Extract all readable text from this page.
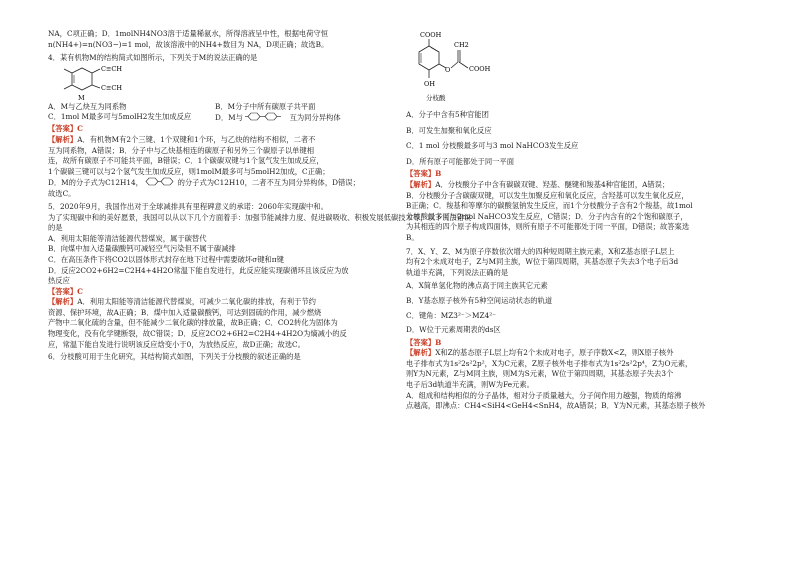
NA，C项正确；D．1molNH4NO3溶于适量稀氨水，所得溶液呈中性，根据电荷守恒
n(NH4+)=n(NO3−)=1 mol，故该溶液中的NH4+数目为 NA，D项正确；故选B。
4．某有机物M的结构简式如图所示，下列关于M的说法正确的是
C≡CH
C≡CH
M
A．M与乙炔互为同系物	B．M分子中所有碳原子共平面
C．1mol M最多可与5molH2发生加成反应	D．M与	互为同分异构体
【答案】C
【解析】A．有机物M有2个三键、1个双键和1个环，与乙炔的结构不相似，二者不
互为同系物，A错误；B．分子中与乙炔基相连的碳原子和另外三个碳原子以单键相
连，故所有碳原子不可能共平面，B错误；C．1个碳碳双键与1个氢气发生加成反应，
1个碳碳三键可以与2个氢气发生加成反应，则1molM最多可与5molH2加成，C正确；
D．M的分子式为C12H14，	的分子式为C12H10，二者不互为同分异构体，D错误；
故选C。
5．2020年9月，我国作出对于全球减排具有里程碑意义的承诺：2060年实现碳中和。
为了实现碳中和的美好愿景，我国可以从以下几个方面着手：加强节能减排力度、促进碳吸收、积极发展低碳技术等，以下说法错误
的是
A．利用太阳能等清洁能源代替煤炭，属于碳替代
B．向煤中加入适量碳酸钙可减轻空气污染但不属于碳减排
C．在高压条件下将CO2以固体形式封存在地下过程中需要破坏σ键和π键
D．反应2CO2+6H2=C2H4+4H2O常温下能自发进行，此反应能实现碳循环且该反应为放
热反应
【答案】C
【解析】A．利用太阳能等清洁能源代替煤炭，可减少二氧化碳的排放，有利于节约
资源、保护环境，故A正确；B．煤中加入适量碳酸钙，可达到固硫的作用，减少燃烧
产物中二氧化硫的含量，但不能减少二氧化碳的排放量，故B正确；C．CO2转化为固体为
物理变化，没有化学键断裂，故C错误；D．反应2CO2+6H2=C2H4+4H2O为熵减小的反
应，常温下能自发进行说明该反应焓变小于0，为放热反应，故D正确；故选C。
6．分枝酸可用于生化研究，其结构简式如图，下列关于分枝酸的叙述正确的是
COOH
O
CH2
COOH
OH
分枝酸
A．分子中含有5种官能团
B．可发生加聚和氧化反应
C．1 mol 分枝酸最多可与3 mol NaHCO3发生反应
D．所有原子可能都处于同一平面
【答案】B
【解析】A．分枝酸分子中含有碳碳双键、羟基、醚键和羧基4种官能团，A错误；
B．分枝酸分子含碳碳双键，可以发生加聚反应和氧化反应，含羟基可以发生氧化反应，
B正确；C．羧基和等摩尔的碳酸氢钠发生反应，而1个分枝酸分子含有2个羧基，故1mol
分枝酸最多可与2mol NaHCO3发生反应，C错误；D．分子内含有的2个饱和碳原子，
为其相连的四个原子构成四面体，则所有原子不可能都处于同一平面，D错误；故答案选
B。
7．X、Y、Z、M为原子序数依次增大的四种短周期主族元素，X和Z基态原子L层上
均有2个未成对电子，Z与M同主族，W位于第四周期，其基态原子失去3个电子后3d
轨道半充满，下列说法正确的是
A．X简单氢化物的沸点高于同主族其它元素
B．Y基态原子核外有5种空间运动状态的轨道
C．键角：MZ3²⁻＞MZ4²⁻
D．W位于元素周期表的ds区
【答案】B
【解析】X和Z的基态原子L层上均有2个未成对电子，原子序数X<Z，则X原子核外
电子排布式为1s²2s²2p²，X为C元素，Z原子核外电子排布式为1s²2s²2p⁴，Z为O元素，
则Y为N元素，Z与M同主族，则M为S元素，W位于第四周期，其基态原子失去3个
电子后3d轨道半充满，则W为Fe元素。
A．组成和结构相似的分子晶体，相对分子质量越大，分子间作用力越强，物质的熔沸
点越高，即沸点：CH4<SiH4<GeH4<SnH4，故A错误；B．Y为N元素，其基态原子核外
